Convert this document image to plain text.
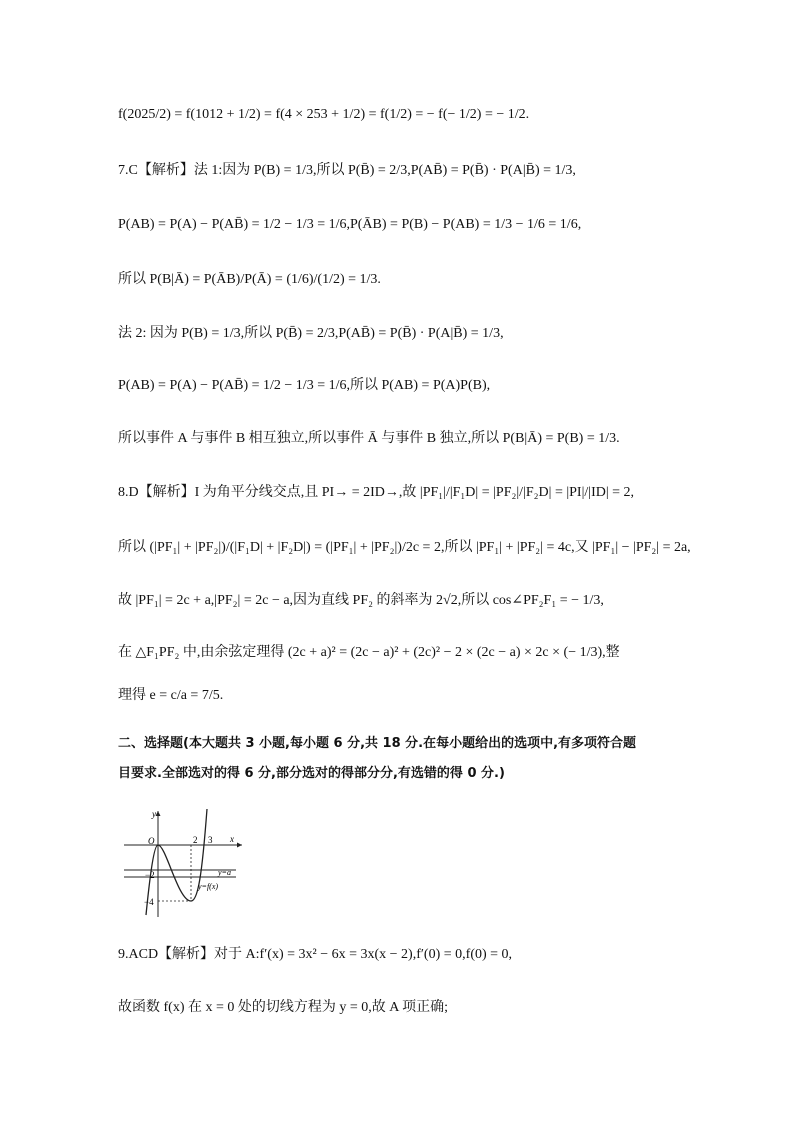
f(2025/2) = f(1012 + 1/2) = f(4 × 253 + 1/2) = f(1/2) = − f(− 1/2) = − 1/2.
7.C【解析】法 1:因为 P(B) = 1/3,所以 P(B̄) = 2/3,P(AB̄) = P(B̄) · P(A|B̄) = 1/3,
P(AB) = P(A) − P(AB̄) = 1/2 − 1/3 = 1/6,P(ĀB) = P(B) − P(AB) = 1/3 − 1/6 = 1/6,
所以 P(B|Ā) = P(ĀB)/P(Ā) = (1/6)/(1/2) = 1/3.
法 2: 因为 P(B) = 1/3,所以 P(B̄) = 2/3,P(AB̄) = P(B̄) · P(A|B̄) = 1/3,
P(AB) = P(A) − P(AB̄) = 1/2 − 1/3 = 1/6,所以 P(AB) = P(A)P(B),
所以事件 A 与事件 B 相互独立,所以事件 Ā 与事件 B 独立,所以 P(B|Ā) = P(B) = 1/3.
8.D【解析】I 为角平分线交点,且 PI→ = 2ID→,故 |PF₁|/|F₁D| = |PF₂|/|F₂D| = |PI|/|ID| = 2,
所以 (|PF₁| + |PF₂|)/(|F₁D| + |F₂D|) = (|PF₁| + |PF₂|)/2c = 2,所以 |PF₁| + |PF₂| = 4c,又 |PF₁| − |PF₂| = 2a,
故 |PF₁| = 2c + a,|PF₂| = 2c − a,因为直线 PF₂ 的斜率为 2√2,所以 cos∠PF₂F₁ = − 1/3,
在 △F₁PF₂ 中,由余弦定理得 (2c + a)² = (2c − a)² + (2c)² − 2 × (2c − a) × 2c × (− 1/3),整
理得 e = c/a = 7/5.
二、选择题(本大题共 3 小题,每小题 6 分,共 18 分.在每小题给出的选项中,有多项符合题
目要求.全部选对的得 6 分,部分选对的得部分分,有选错的得 0 分.)
y
x
O	2 3
−2
−4
y=a
y=f(x)
9.ACD【解析】对于 A:f′(x) = 3x² − 6x = 3x(x − 2),f′(0) = 0,f(0) = 0,
故函数 f(x) 在 x = 0 处的切线方程为 y = 0,故 A 项正确;
